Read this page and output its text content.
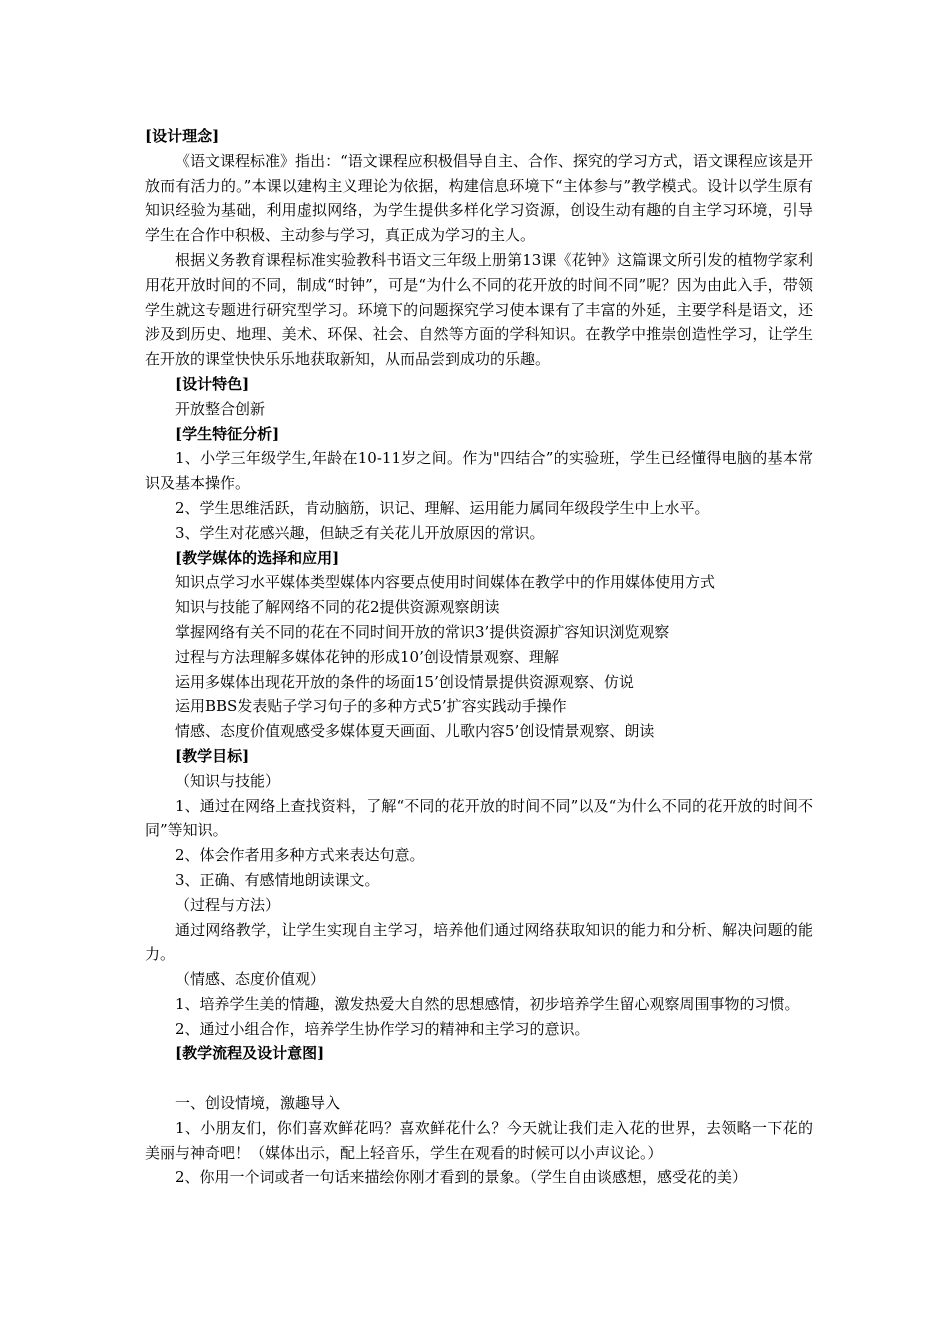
[设计理念]

《语文课程标准》指出：“语文课程应积极倡导自主、合作、探究的学习方式，语文课程应该是开放而有活力的。”本课以建构主义理论为依据，构建信息环境下“主体参与”教学模式。设计以学生原有知识经验为基础，利用虚拟网络，为学生提供多样化学习资源，创设生动有趣的自主学习环境，引导学生在合作中积极、主动参与学习，真正成为学习的主人。

根据义务教育课程标准实验教科书语文三年级上册第13课《花钟》这篇课文所引发的植物学家利用花开放时间的不同，制成“时钟”，可是“为什么不同的花开放的时间不同”呢？因为由此入手，带领学生就这专题进行研究型学习。环境下的问题探究学习使本课有了丰富的外延，主要学科是语文，还涉及到历史、地理、美术、环保、社会、自然等方面的学科知识。在教学中推崇创造性学习，让学生在开放的课堂快快乐乐地获取新知，从而品尝到成功的乐趣。

[设计特色]

开放整合创新

[学生特征分析]

1、小学三年级学生,年龄在10-11岁之间。作为"四结合”的实验班，学生已经懂得电脑的基本常识及基本操作。

2、学生思维活跃，肯动脑筋，识记、理解、运用能力属同年级段学生中上水平。

3、学生对花感兴趣，但缺乏有关花儿开放原因的常识。

[教学媒体的选择和应用]

知识点学习水平媒体类型媒体内容要点使用时间媒体在教学中的作用媒体使用方式

知识与技能了解网络不同的花2提供资源观察朗读

掌握网络有关不同的花在不同时间开放的常识3’提供资源扩容知识浏览观察

过程与方法理解多媒体花钟的形成10’创设情景观察、理解

运用多媒体出现花开放的条件的场面15’创设情景提供资源观察、仿说

运用BBS发表贴子学习句子的多种方式5’扩容实践动手操作

情感、态度价值观感受多媒体夏天画面、儿歌内容5’创设情景观察、朗读

[教学目标]

（知识与技能）

1、通过在网络上查找资料，了解“不同的花开放的时间不同”以及“为什么不同的花开放的时间不同”等知识。

2、体会作者用多种方式来表达句意。

3、正确、有感情地朗读课文。

（过程与方法）

通过网络教学，让学生实现自主学习，培养他们通过网络获取知识的能力和分析、解决问题的能力。

（情感、态度价值观）

1、培养学生美的情趣，激发热爱大自然的思想感情，初步培养学生留心观察周围事物的习惯。

2、通过小组合作，培养学生协作学习的精神和主学习的意识。

[教学流程及设计意图]

一、创设情境，激趣导入

1、小朋友们，你们喜欢鲜花吗？喜欢鲜花什么？今天就让我们走入花的世界，去领略一下花的美丽与神奇吧！（媒体出示，配上轻音乐，学生在观看的时候可以小声议论。）

2、你用一个词或者一句话来描绘你刚才看到的景象。（学生自由谈感想，感受花的美）
